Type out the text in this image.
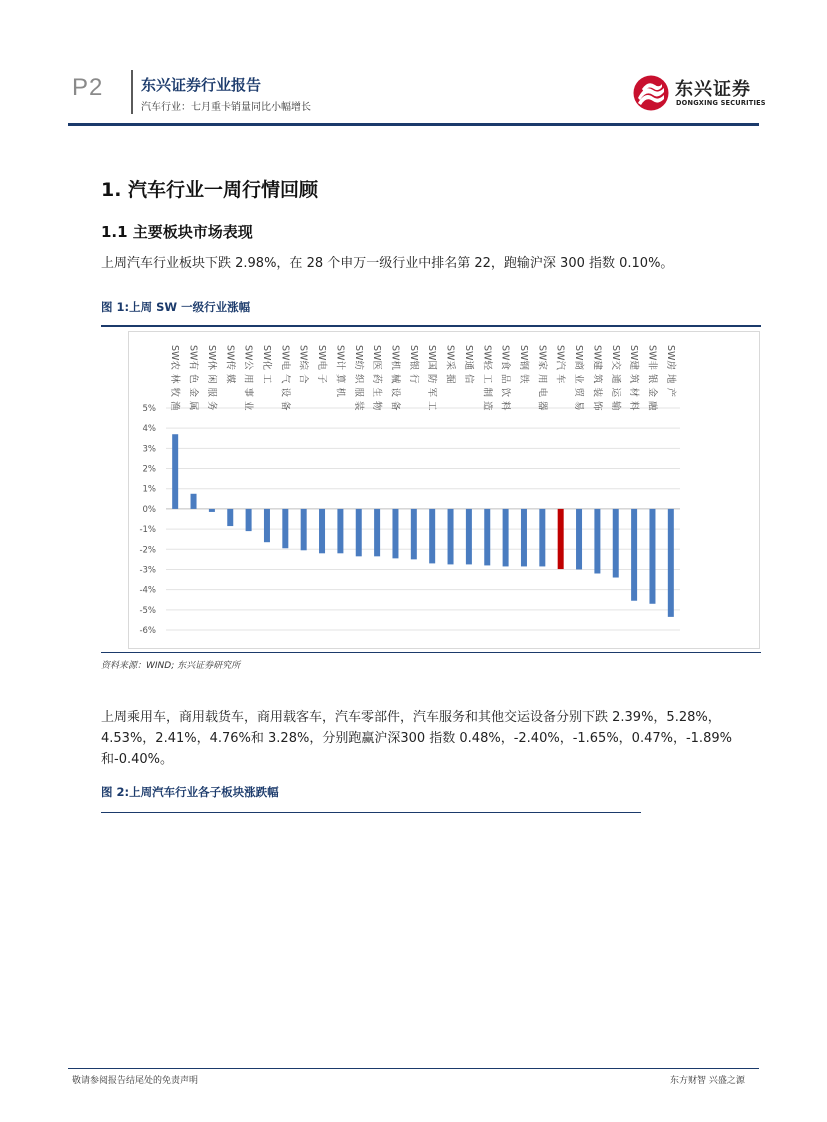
P2	东兴证券行业报告
汽车行业：七月重卡销量同比小幅增长
东兴证券
DONGXING SECURITIES
1. 汽车行业一周行情回顾
1.1 主要板块市场表现
上周汽车行业板块下跌 2.98%，在 28 个申万一级行业中排名第 22，跑输沪深 300 指数 0.10%。
图 1:上周 SW 一级行业涨幅
5%
4%
3%
2%
1%
0%
-1%
-2%
-3%
-4%
-5%
-6%
SW农林牧渔
SW有色金属
SW休闲服务
SW传媒
SW公用事业
SW化工
SW电气设备
SW综合
SW电子
SW计算机
SW纺织服装
SW医药生物
SW机械设备
SW银行
SW国防军工
SW采掘
SW通信
SW轻工制造
SW食品饮料
SW钢铁
SW家用电器
SW汽车
SW商业贸易
SW建筑装饰
SW交通运输
SW建筑材料
SW非银金融
SW房地产
资料来源：WIND; 东兴证券研究所
上周乘用车，商用载货车，商用载客车，汽车零部件，汽车服务和其他交运设备分别下跌 2.39%，5.28%，4.53%，2.41%，4.76%和 3.28%，分别跑赢沪深300 指数 0.48%，-2.40%，-1.65%，0.47%，-1.89%和-0.40%。
图 2:上周汽车行业各子板块涨跌幅
敬请参阅报告结尾处的免责声明	东方财智 兴盛之源
